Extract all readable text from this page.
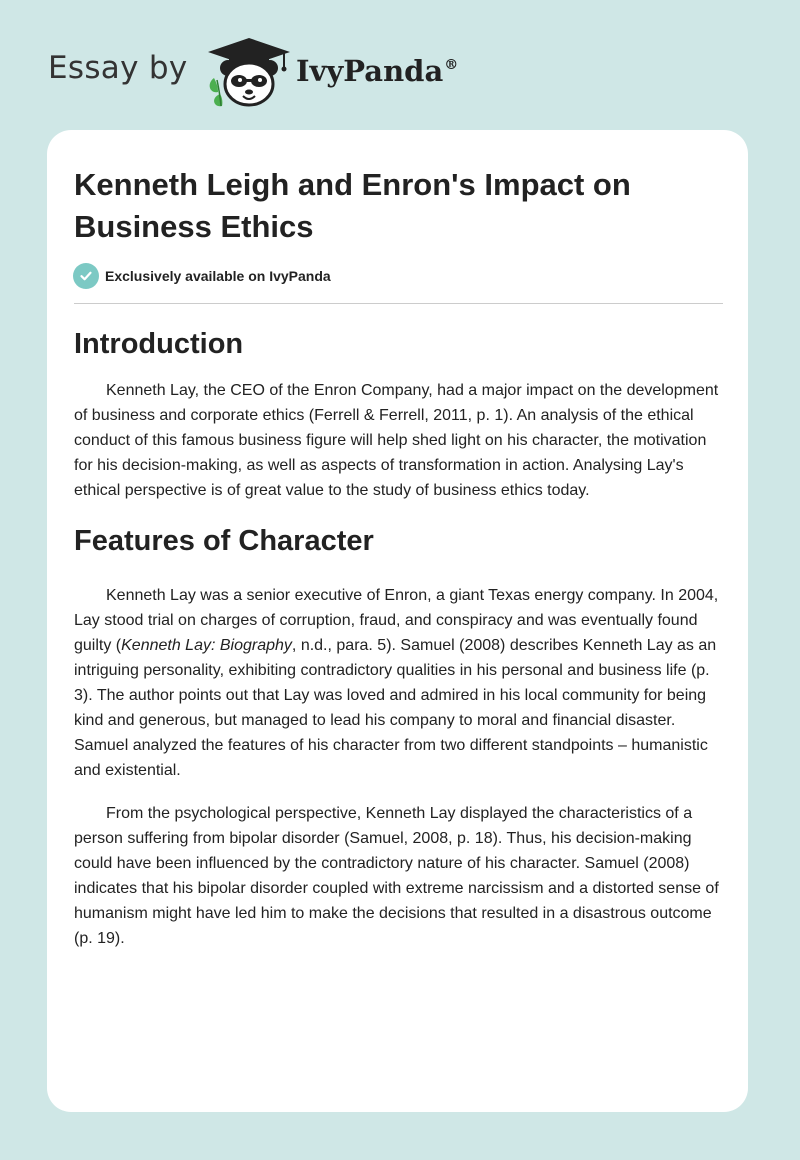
Essay by	IvyPanda®
Kenneth Leigh and Enron's Impact on Business Ethics
Exclusively available on IvyPanda
Introduction

Kenneth Lay, the CEO of the Enron Company, had a major impact on the development of business and corporate ethics (Ferrell & Ferrell, 2011, p. 1). An analysis of the ethical conduct of this famous business figure will help shed light on his character, the motivation for his decision-making, as well as aspects of transformation in action. Analysing Lay's ethical perspective is of great value to the study of business ethics today.

Features of Character

Kenneth Lay was a senior executive of Enron, a giant Texas energy company. In 2004, Lay stood trial on charges of corruption, fraud, and conspiracy and was eventually found guilty (Kenneth Lay: Biography, n.d., para. 5). Samuel (2008) describes Kenneth Lay as an intriguing personality, exhibiting contradictory qualities in his personal and business life (p. 3). The author points out that Lay was loved and admired in his local community for being kind and generous, but managed to lead his company to moral and financial disaster. Samuel analyzed the features of his character from two different standpoints – humanistic and existential.

From the psychological perspective, Kenneth Lay displayed the characteristics of a person suffering from bipolar disorder (Samuel, 2008, p. 18). Thus, his decision-making could have been influenced by the contradictory nature of his character. Samuel (2008) indicates that his bipolar disorder coupled with extreme narcissism and a distorted sense of humanism might have led him to make the decisions that resulted in a disastrous outcome (p. 19).
